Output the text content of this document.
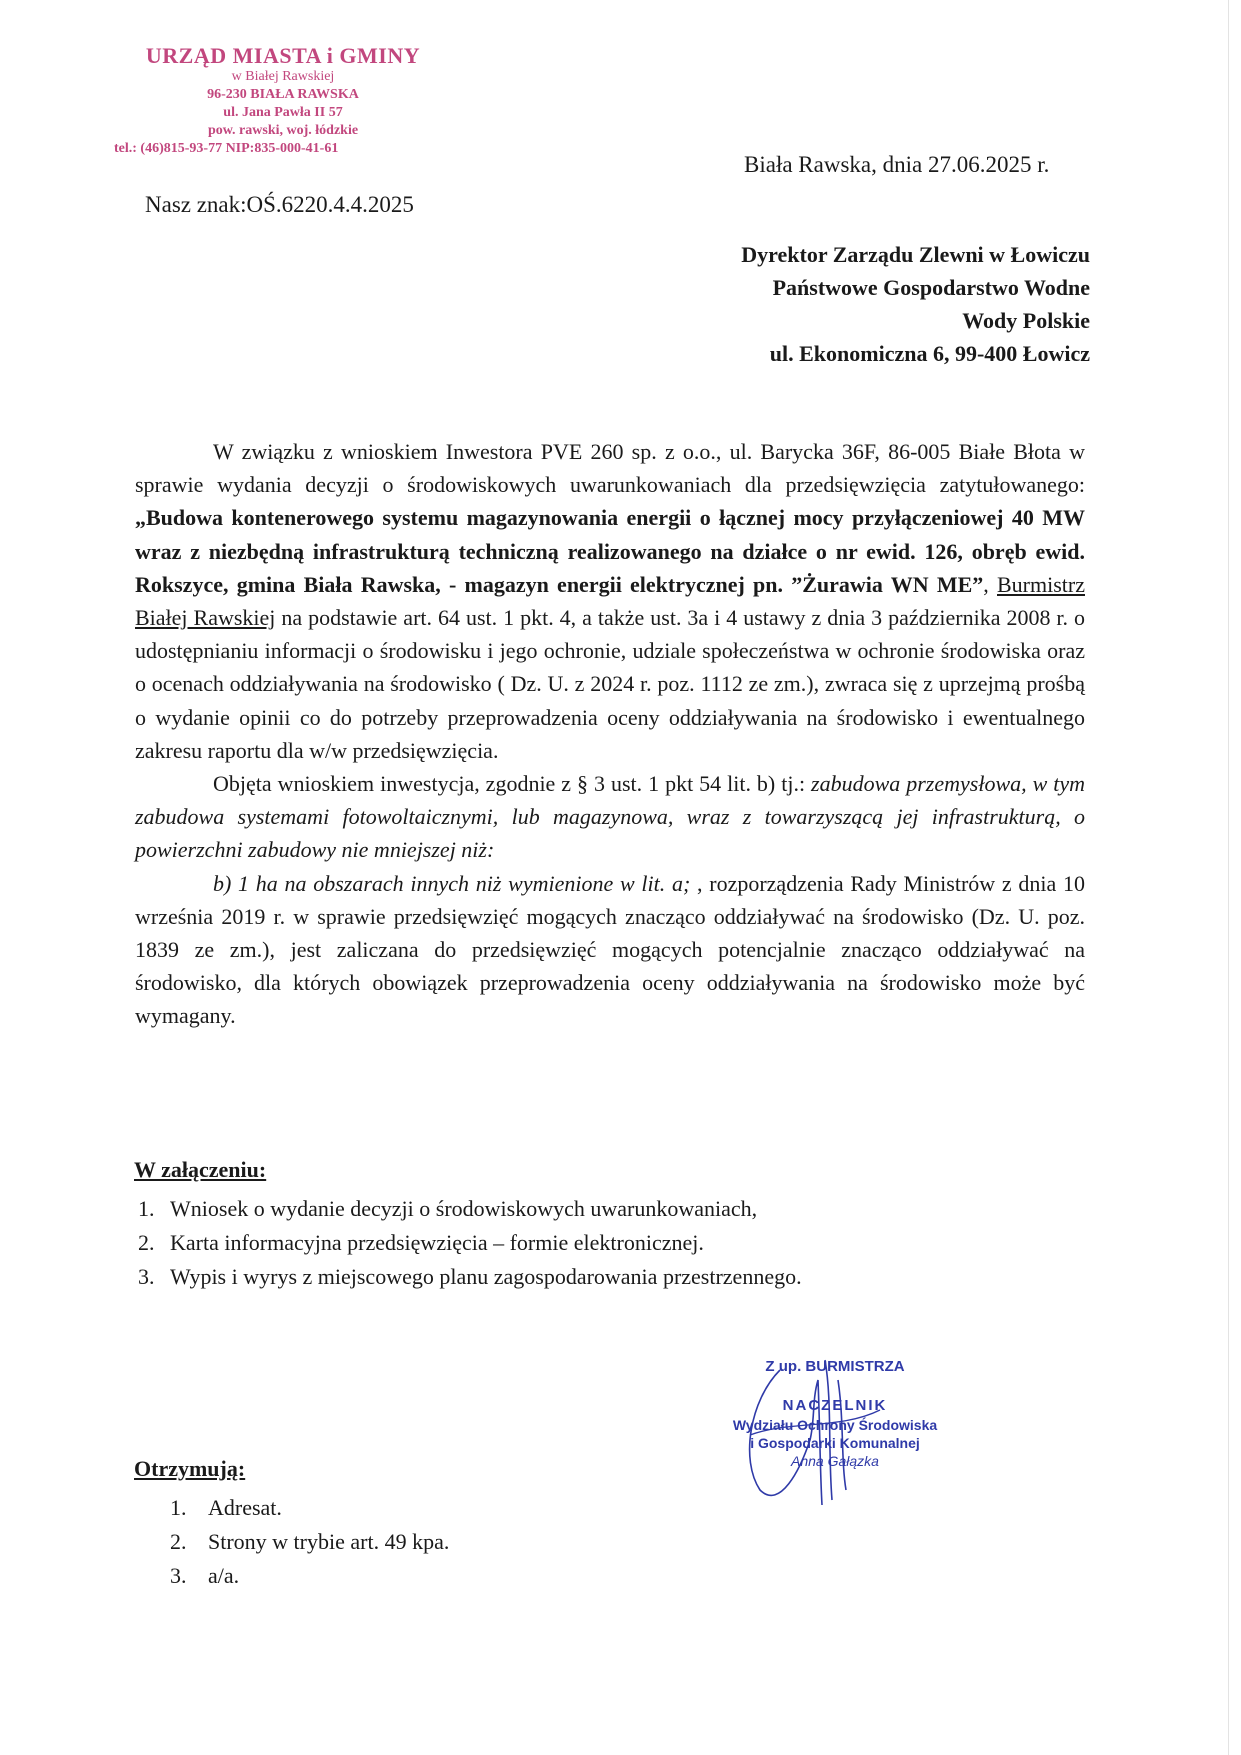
URZĄD MIASTA i GMINY
w Białej Rawskiej
96-230 BIAŁA RAWSKA
ul. Jana Pawła II 57
pow. rawski, woj. łódzkie
tel.: (46)815-93-77 NIP:835-000-41-61
Biała Rawska, dnia 27.06.2025 r.
Nasz znak:OŚ.6220.4.4.2025
Dyrektor Zarządu Zlewni w Łowiczu
Państwowe Gospodarstwo Wodne
Wody Polskie
ul. Ekonomiczna 6, 99-400 Łowicz

W związku z wnioskiem Inwestora PVE 260 sp. z o.o., ul. Barycka 36F, 86-005 Białe Błota w sprawie wydania decyzji o środowiskowych uwarunkowaniach dla przedsięwzięcia zatytułowanego: „Budowa kontenerowego systemu magazynowania energii o łącznej mocy przyłączeniowej 40 MW wraz z niezbędną infrastrukturą techniczną realizowanego na działce o nr ewid. 126, obręb ewid. Rokszyce, gmina Biała Rawska, - magazyn energii elektrycznej pn. ”Żurawia WN ME”, Burmistrz Białej Rawskiej na podstawie art. 64 ust. 1 pkt. 4, a także ust. 3a i 4 ustawy z dnia 3 października 2008 r. o udostępnianiu informacji o środowisku i jego ochronie, udziale społeczeństwa w ochronie środowiska oraz o ocenach oddziaływania na środowisko ( Dz. U. z 2024 r. poz. 1112 ze zm.), zwraca się z uprzejmą prośbą o wydanie opinii co do potrzeby przeprowadzenia oceny oddziaływania na środowisko i ewentualnego zakresu raportu dla w/w przedsięwzięcia.

Objęta wnioskiem inwestycja, zgodnie z § 3 ust. 1 pkt 54 lit. b) tj.: zabudowa przemysłowa, w tym zabudowa systemami fotowoltaicznymi, lub magazynowa, wraz z towarzyszącą jej infrastrukturą, o powierzchni zabudowy nie mniejszej niż:

b) 1 ha na obszarach innych niż wymienione w lit. a; , rozporządzenia Rady Ministrów z dnia 10 września 2019 r. w sprawie przedsięwzięć mogących znacząco oddziaływać na środowisko (Dz. U. poz. 1839 ze zm.), jest zaliczana do przedsięwzięć mogących potencjalnie znacząco oddziaływać na środowisko, dla których obowiązek przeprowadzenia oceny oddziaływania na środowisko może być wymagany.

W załączeniu:
1. Wniosek o wydanie decyzji o środowiskowych uwarunkowaniach,
2. Karta informacyjna przedsięwzięcia – formie elektronicznej.
3. Wypis i wyrys z miejscowego planu zagospodarowania przestrzennego.
Z up. BURMISTRZA
NACZELNIK
Wydziału Ochrony Środowiska
i Gospodarki Komunalnej
Anna Gałązka
Otrzymują:
1. Adresat.
2. Strony w trybie art. 49 kpa.
3. a/a.
